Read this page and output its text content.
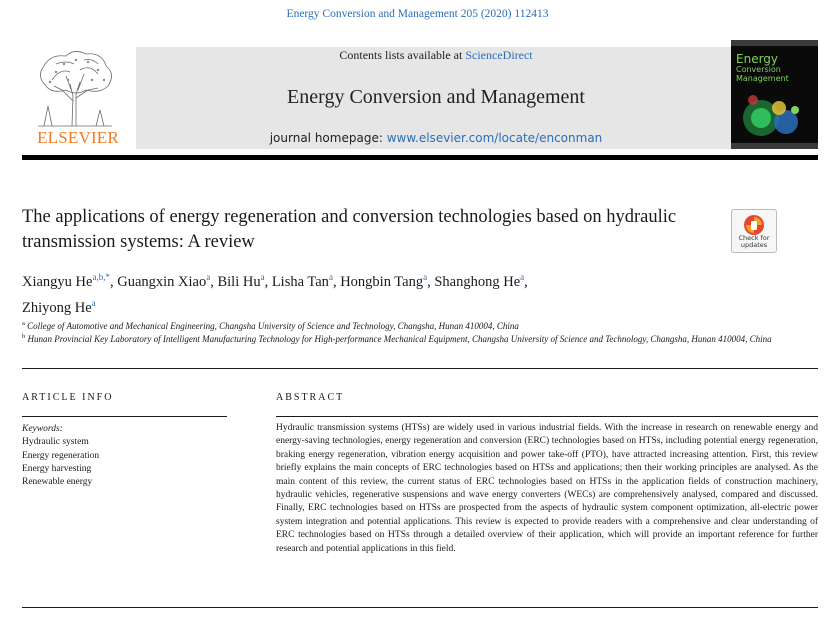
Energy Conversion and Management 205 (2020) 112413
ELSEVIER
Contents lists available at ScienceDirect
Energy Conversion and Management
journal homepage: www.elsevier.com/locate/enconman
Energy
Conversion
Management
The applications of energy regeneration and conversion technologies based on hydraulic transmission systems: A review	Check for
updates
Xiangyu $He^{a,b,*}$, Guangxin Xiao$^a$, Bili Hu$^a$, Lisha Tan$^a$, Hongbin Tang$^a$, Shanghong He$^a$,
Zhiyong He$^a$
$^a$ College of Automotive and Mechanical Engineering, Changsha University of Science and Technology, Changsha, Hunan 410004, China
$^b$ Hunan Provincial Key Laboratory of Intelligent Manufacturing Technology for High-performance Mechanical Equipment, Changsha University of Science and Technology, Changsha, Hunan 410004, China
ARTICLE INFO	ABSTRACT
Keywords:
Hydraulic system
Energy regeneration
Energy harvesting
Renewable energy

Hydraulic transmission systems (HTSs) are widely used in various industrial fields. With the increase in research on renewable energy and energy-saving technologies, energy regeneration and conversion (ERC) technologies based on HTSs, including potential energy regeneration, braking energy regeneration, vibration energy acquisition and power take-off (PTO), have attracted increasing attention. First, this review briefly explains the main concepts of ERC technologies based on HTSs and applications; then their working principles are analysed. As the main content of this review, the current status of ERC technologies based on HTSs in the application fields of construction machinery, hydraulic vehicles, regenerative suspensions and wave energy converters (WECs) are comprehensively analysed, compared and discussed. Finally, ERC technologies based on HTSs are prospected from the aspects of hydraulic system component optimization, all-electric power system integration and potential applications. This review is expected to provide readers with a comprehensive and clear understanding of ERC technologies based on HTSs through a detailed overview of their application, which will provide an important reference for further research and potential applications in this field.
